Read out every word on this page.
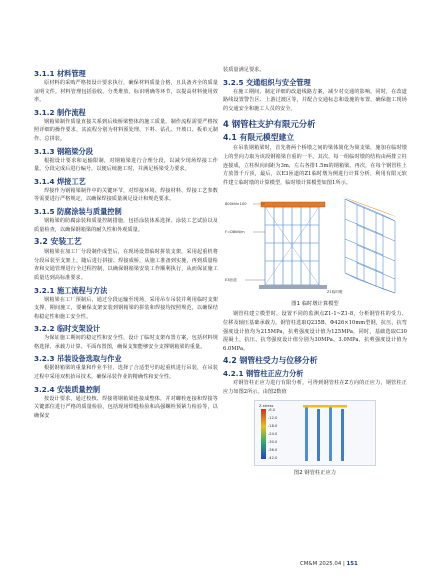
3.1.1 材料管理

原材料的采购严格按设计要求执行，确保材料质量合格，且具备齐全的质量证明文件。材料管理包括验收、分类堆放、标识明确等环节，以提高材料使用效率。

3.1.2 制作流程

钢箱梁制作质量直接关系到后续桥梁整体的施工质量。制作流程需要严格按照详细的操作要求，其流程分别为材料预处理、下料、钻孔、开坡口、板单元制作、总拼装。

3.1.3 钢箱梁分段

根据设计要求和运输限制，对钢箱梁进行合理分段，以减少现场焊接工作量。分段完成后进行编号，以便后续施工时，并满足桥梁受力要求。

3.1.4 焊接工艺

焊接作为钢箱梁制作中的关键环节，对焊接环境、焊接材料、焊接工艺参数等需要进行严格规定，以确保焊接质量满足设计和规范要求。

3.1.5 防腐涂装与质量控制

钢箱梁的防腐涂装和质量控制措施，包括涂装体系选择、涂装工艺试验以及质量检查，以确保钢箱梁的耐久性和外观质量。

3.2 安装工艺

钢箱梁在加工厂分段制作成型后，在现场设置临时拼装支架，采用起重机将分段吊装至支架上，随后进行拼接、焊接成桥，从施工准备到实施，再到质量检查和交通管理进行全过程控制，以确保钢箱梁安装工作顺利执行，从而保证施工质量达到高标准要求。

3.2.1 施工流程与方法

钢箱梁在工厂预制后，通过分段运输至现场，采用吊车吊装并利用临时支架支撑，期间施工，要确保支架安装到钢箱梁的拼装和焊接均按照规范，以确保结构稳定性和施工安全性。

3.2.2 临时支架设计

为保证施工期间的稳定性和安全性，设计了临时支架布置方案，包括材料规格选择、承载力计算、平面布置图，确保支架能够安全支撑钢箱梁的重量。

3.2.3 吊装设备选取与作业

根据钢箱梁的重量和作业半径，选择了合适型号的起重机进行吊装，在吊装过程中采用双机抬吊技术，确保吊装作业的精确性和安全性。

3.2.4 安装质量控制

按设计要求，通过校核、焊接将钢箱梁连接成整体，并对螺栓连接和焊接等关键部位进行严格的质量检验，包括现场焊缝检验和高强螺栓预紧力检验等，以确保安

装质量满足要求。

3.2.5 交通组织与安全管理

在施工期间，制定详细的改道线路方案，减少对交通的影响。同时，在改道路线设置警告区、上游过渡区等，并配合交通标志和设施的布置，确保施工现场的交通安全和施工人员的安全。

4 钢管柱支护有限元分析
4.1 有限元模型建立

在吊装钢箱梁时，首先将两个桥墩之间的梁体简化为简支梁，施加在临时墩上的竖向力取为该段钢箱梁自重的一半。其次，每一组临时墩的结构由两排立柱连接成，立柱纵向间距为3m，左右各排1.5m的钢箱梁。再次，在每个钢管柱上方放置千斤顶，最后，以E3匝道的Z1临时墩为例进行计算分析，利用有限元软件建立临时墩的计算模型，临时墩计算模型如图1所示。

800kN×100
F=D8kN/m
E3匝道
Z1临时墩
图1 临时墩计算模型

钢管柱建立模型时，设置不同的监测点Z1-1~Z1-8，分析钢管柱的受力、位移及轴压基础承载力。钢管柱选取Q235B、Φ426×10mm型钢，抗压、抗弯强度设计值均为215MPa，抗剪强度设计值为125MPa，同时，基础选取C30混凝土，抗压、抗弯强度设计值分别为30MPa、3.0MPa，抗剪强度设计值为6.0MPa。

4.2 钢管柱受力与位移分析
4.2.1 钢管柱正应力分析

对钢管柱正应力进行有限分析，可得到钢管柱在Z方向的正应力，钢管柱正应力如图2所示。由图2数值

Z-stress
-6.0
-12.0
-18.0
-24.0
-30.0
-36.0
-42.0
图2 钢管柱正应力
CM&M 2025.04 | 151
